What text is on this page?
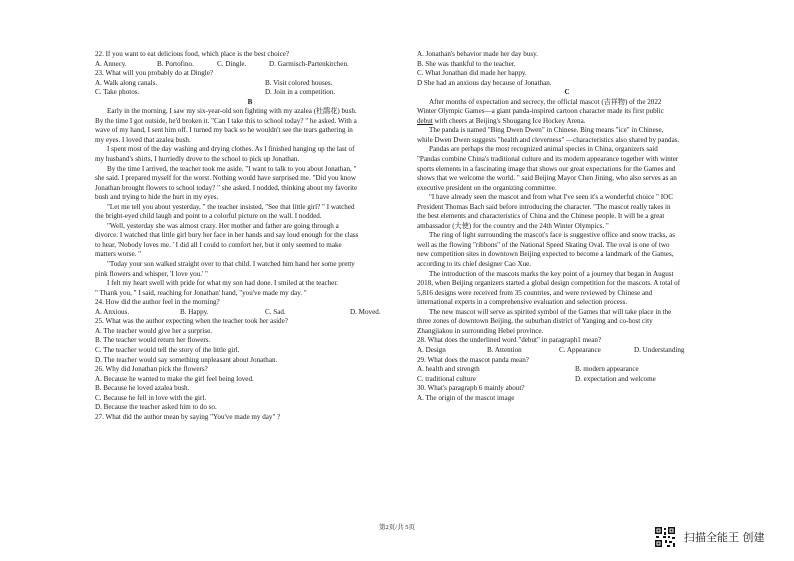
22. If you want to eat delicious food, which place is the best choice?
A. Annecy.	B. Portofino.	C. Dingle.	D. Garmisch-Partenkirchen.
23. What will you probably do at Dingle?
A. Walk along canals.	B. Visit colored houses.
C. Take photos.	D. Join in a competition.
B
Early in the morning, I saw my six-year-old son fighting with my azalea (杜鹃花) bush.
By the time I got outside, he'd broken it. "Can I take this to school today? " he asked. With a
wave of my hand, I sent him off. I turned my back so he wouldn't see the tears gathering in
my eyes. I loved that azalea bush.
I spent most of the day washing and drying clothes. As I finished hanging up the last of
my husband's shirts, I hurriedly drove to the school to pick up Jonathan.
By the time I arrived, the teacher took me aside. "I want to talk to you about Jonathan, "
she said. I prepared myself for the worst. Nothing would have surprised me. "Did you know
Jonathan brought flowers to school today? " she asked. I nodded, thinking about my favorite
bush and trying to hide the hurt in my eyes.
"Let me tell you about yesterday, " the teacher insisted, "See that little girl? " I watched
the bright-eyed child laugh and point to a colorful picture on the wall. I nodded.
"Well, yesterday she was almost crazy. Her mother and father are going through a
divorce. I watched that little girl bury her face in her hands and say loud enough for the class
to hear, 'Nobody loves me. ' I did all I could to comfort her, but it only seemed to make
matters worse. "
"Today your son walked straight over to that child. I watched him hand her some pretty
pink flowers and whisper, 'I love you.' "
I felt my heart swell with pride for what my son had done. I smiled at the teacher.
" Thank you, " I said, reaching for Jonathan' hand, "you've made my day. "
24. How did the author feel in the morning?
A. Anxious.	B. Happy.	C. Sad.	D. Moved.
25. What was the author expecting when the teacher took her aside?
A. The teacher would give her a surprise.
B. The teacher would return her flowers.
C. The teacher would tell the story of the little girl.
D. The teacher would say something unpleasant about Jonathan.
26. Why did Jonathan pick the flowers?
A. Because he wanted to make the girl feel being loved.
B. Because he loved azalea bush.
C. Because he fell in love with the girl.
D. Because the teacher asked him to do so.
27. What did the author mean by saying "You've made my day" ?
A. Jonathan's behavior made her day busy.
B. She was thankful to the teacher.
C. What Jonathan did made her happy.
D She had an anxious day because of Jonathan.
C
After months of expectation and secrecy, the official mascot (吉祥物) of the 2022
Winter Olympic Games—a giant panda-inspired cartoon character made its first public
debut with cheers at Beijing's Shougang Ice Hockey Arena.
The panda is named "Bing Dwen Dwen" in Chinese. Bing means "ice" in Chinese,
while Dwen Dwen suggests "health and cleverness" —characteristics also shared by pandas.
Pandas are perhaps the most recognized animal species in China, organizers said
"Pandas combine China's traditional culture and its modern appearance together with winter
sports elements in a fascinating image that shows our great expectations for the Games and
shows that we welcome the world. " said Beijing Mayor Chen Jining, who also serves as an
executive president on the organizing committee.
"I have already seen the mascot and from what I've seen it's a wonderful choice " IOC
President Thomas Bach said before introducing the character. "The mascot really takes in
the best elements and characteristics of China and the Chinese people. It will be a great
ambassador (大使) for the country and the 24th Winter Olympics. "
The ring of light surrounding the mascot's face is suggestive office and snow tracks, as
well as the flowing "ribbons" of the National Speed Skating Oval. The oval is one of two
new competition sites in downtown Beijing expected to become a landmark of the Games,
according to its chief designer Cao Xue.
The introduction of the mascots marks the key point of a journey that began in August
2018, when Beijing organizers started a global design competition for the mascots. A total of
5,816 designs were received from 35 countries, and were reviewed by Chinese and
international experts in a comprehensive evaluation and selection process.
The new mascot will serve as spirited symbol of the Games that will take place in the
three zones of downtown Beijing, the suburban district of Yanging and co-host city
Zhangjiakou in surrounding Hebei province.
28. What does the underlined word "debut" in paragraph1 mean?
A. Design	B. Attention	C. Appearance	D. Understanding
29. What does the mascot panda mean?
A. health and strength	B. modern appearance
C. traditional culture	D. expectation and welcome
30. What's paragraph 6 mainly about?
A. The origin of the mascot image
第2页/共 5页
扫描全能王 创建
